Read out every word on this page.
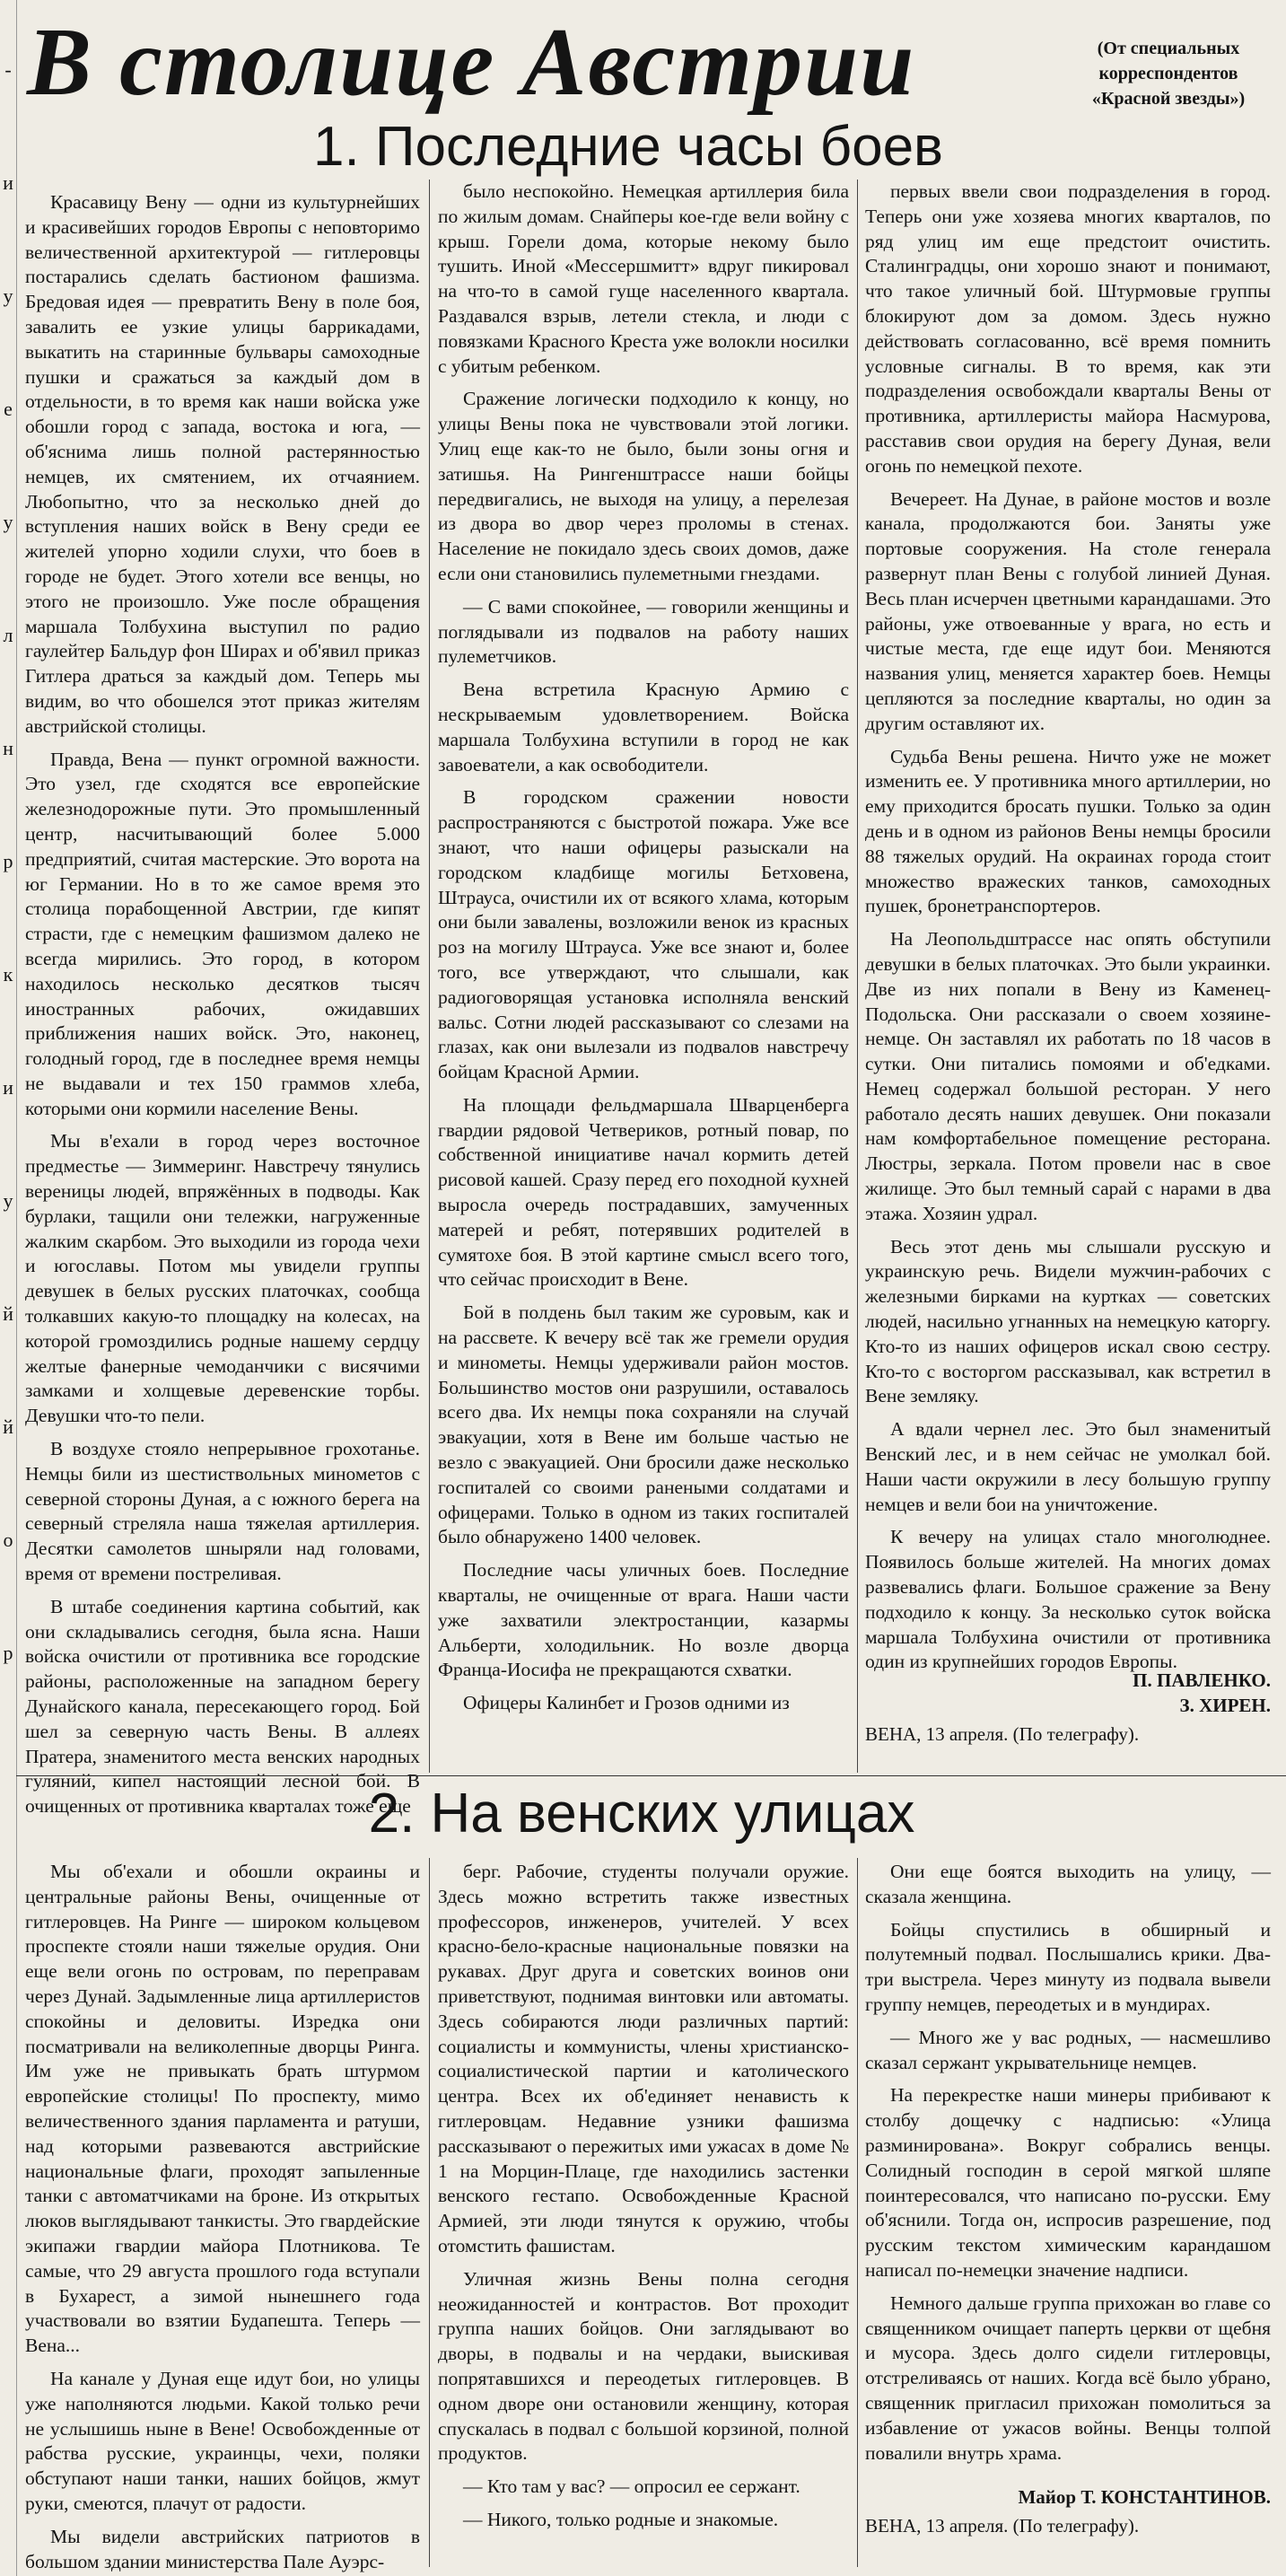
-
и
у
е
у
л
н
р
к
и
у
й
й
о
р
В столице Австрии	(От специальных
корреспондентов
«Красной звезды»)
1. Последние часы боев

Красавицу Вену — одни из культурнейших и красивейших городов Европы с неповторимо величественной архитектурой — гитлеровцы постарались сделать бастионом фашизма. Бредовая идея — превратить Вену в поле боя, завалить ее узкие улицы баррикадами, выкатить на старинные бульвары самоходные пушки и сражаться за каждый дом в отдельности, в то время как наши войска уже обошли город с запада, востока и юга, — об'яснима лишь полной растерянностью немцев, их смятением, их отчаянием. Любопытно, что за несколько дней до вступления наших войск в Вену среди ее жителей упорно ходили слухи, что боев в городе не будет. Этого хотели все венцы, но этого не произошло. Уже после обращения маршала Толбухина выступил по радио гаулейтер Бальдур фон Ширах и об'явил приказ Гитлера драться за каждый дом. Теперь мы видим, во что обошелся этот приказ жителям австрийской столицы.

Правда, Вена — пункт огромной важности. Это узел, где сходятся все европейские железнодорожные пути. Это промышленный центр, насчитывающий более 5.000 предприятий, считая мастерские. Это ворота на юг Германии. Но в то же самое время это столица порабощенной Австрии, где кипят страсти, где с немецким фашизмом далеко не всегда мирились. Это город, в котором находилось несколько десятков тысяч иностранных рабочих, ожидавших приближения наших войск. Это, наконец, голодный город, где в последнее время немцы не выдавали и тех 150 граммов хлеба, которыми они кормили население Вены.

Мы в'ехали в город через восточное предместье — Зиммеринг. Навстречу тянулись вереницы людей, впряжённых в подводы. Как бурлаки, тащили они тележки, нагруженные жалким скарбом. Это выходили из города чехи и югославы. Потом мы увидели группы девушек в белых русских платочках, сообща толкавших какую-то площадку на колесах, на которой громоздились родные нашему сердцу желтые фанерные чемоданчики с висячими замками и холщевые деревенские торбы. Девушки что-то пели.

В воздухе стояло непрерывное грохотанье. Немцы били из шестиствольных минометов с северной стороны Дуная, а с южного берега на северный стреляла наша тяжелая артиллерия. Десятки самолетов шныряли над головами, время от времени постреливая.

В штабе соединения картина событий, как они складывались сегодня, была ясна. Наши войска очистили от противника все городские районы, расположенные на западном берегу Дунайского канала, пересекающего город. Бой шел за северную часть Вены. В аллеях Пратера, знаменитого места венских народных гуляний, кипел настоящий лесной бой. В очищенных от противника кварталах тоже еще

было неспокойно. Немецкая артиллерия била по жилым домам. Снайперы кое-где вели войну с крыш. Горели дома, которые некому было тушить. Иной «Мессершмитт» вдруг пикировал на что-то в самой гуще населенного квартала. Раздавался взрыв, летели стекла, и люди с повязками Красного Креста уже волокли носилки с убитым ребенком.

Сражение логически подходило к концу, но улицы Вены пока не чувствовали этой логики. Улиц еще как-то не было, были зоны огня и затишья. На Рингенштрассе наши бойцы передвигались, не выходя на улицу, а перелезая из двора во двор через проломы в стенах. Население не покидало здесь своих домов, даже если они становились пулеметными гнездами.

— С вами спокойнее, — говорили женщины и поглядывали из подвалов на работу наших пулеметчиков.

Вена встретила Красную Армию с нескрываемым удовлетворением. Войска маршала Толбухина вступили в город не как завоеватели, а как освободители.

В городском сражении новости распространяются с быстротой пожара. Уже все знают, что наши офицеры разыскали на городском кладбище могилы Бетховена, Штрауса, очистили их от всякого хлама, которым они были завалены, возложили венок из красных роз на могилу Штрауса. Уже все знают и, более того, все утверждают, что слышали, как радиоговорящая установка исполняла венский вальс. Сотни людей рассказывают со слезами на глазах, как они вылезали из подвалов навстречу бойцам Красной Армии.

На площади фельдмаршала Шварценберга гвардии рядовой Четвериков, ротный повар, по собственной инициативе начал кормить детей рисовой кашей. Сразу перед его походной кухней выросла очередь пострадавших, замученных матерей и ребят, потерявших родителей в сумятохе боя. В этой картине смысл всего того, что сейчас происходит в Вене.

Бой в полдень был таким же суровым, как и на рассвете. К вечеру всё так же гремели орудия и минометы. Немцы удерживали район мостов. Большинство мостов они разрушили, оставалось всего два. Их немцы пока сохраняли на случай эвакуации, хотя в Вене им больше частью не везло с эвакуацией. Они бросили даже несколько госпиталей со своими ранеными солдатами и офицерами. Только в одном из таких госпиталей было обнаружено 1400 человек.

Последние часы уличных боев. Последние кварталы, не очищенные от врага. Наши части уже захватили электростанции, казармы Альберти, холодильник. Но возле дворца Франца-Иосифа не прекращаются схватки.

Офицеры Калинбет и Грозов одними из

первых ввели свои подразделения в город. Теперь они уже хозяева многих кварталов, по ряд улиц им еще предстоит очистить. Сталинградцы, они хорошо знают и понимают, что такое уличный бой. Штурмовые группы блокируют дом за домом. Здесь нужно действовать согласованно, всё время помнить условные сигналы. В то время, как эти подразделения освобождали кварталы Вены от противника, артиллеристы майора Насмурова, расставив свои орудия на берегу Дуная, вели огонь по немецкой пехоте.

Вечереет. На Дунае, в районе мостов и возле канала, продолжаются бои. Заняты уже портовые сооружения. На столе генерала развернут план Вены с голубой линией Дуная. Весь план исчерчен цветными карандашами. Это районы, уже отвоеванные у врага, но есть и чистые места, где еще идут бои. Меняются названия улиц, меняется характер боев. Немцы цепляются за последние кварталы, но один за другим оставляют их.

Судьба Вены решена. Ничто уже не может изменить ее. У противника много артиллерии, но ему приходится бросать пушки. Только за один день и в одном из районов Вены немцы бросили 88 тяжелых орудий. На окраинах города стоит множество вражеских танков, самоходных пушек, бронетранспортеров.

На Леопольдштрассе нас опять обступили девушки в белых платочках. Это были украинки. Две из них попали в Вену из Каменец-Подольска. Они рассказали о своем хозяине-немце. Он заставлял их работать по 18 часов в сутки. Они питались помоями и об'едками. Немец содержал большой ресторан. У него работало десять наших девушек. Они показали нам комфортабельное помещение ресторана. Люстры, зеркала. Потом провели нас в свое жилище. Это был темный сарай с нарами в два этажа. Хозяин удрал.

Весь этот день мы слышали русскую и украинскую речь. Видели мужчин-рабочих с железными бирками на куртках — советских людей, насильно угнанных на немецкую каторгу. Кто-то из наших офицеров искал свою сестру. Кто-то с восторгом рассказывал, как встретил в Вене земляку.

А вдали чернел лес. Это был знаменитый Венский лес, и в нем сейчас не умолкал бой. Наши части окружили в лесу большую группу немцев и вели бои на уничтожение.

К вечеру на улицах стало многолюднее. Появилось больше жителей. На многих домах развевались флаги. Большое сражение за Вену подходило к концу. За несколько суток войска маршала Толбухина очистили от противника один из крупнейших городов Европы.

П. ПАВЛЕНКО.
З. ХИРЕН.
ВЕНА, 13 апреля. (По телеграфу).
2. На венских улицах

Мы об'ехали и обошли окраины и центральные районы Вены, очищенные от гитлеровцев. На Ринге — широком кольцевом проспекте стояли наши тяжелые орудия. Они еще вели огонь по островам, по переправам через Дунай. Задымленные лица артиллеристов спокойны и деловиты. Изредка они посматривали на великолепные дворцы Ринга. Им уже не привыкать брать штурмом европейские столицы! По проспекту, мимо величественного здания парламента и ратуши, над которыми развеваются австрийские национальные флаги, проходят запыленные танки с автоматчиками на броне. Из открытых люков выглядывают танкисты. Это гвардейские экипажи гвардии майора Плотникова. Те самые, что 29 августа прошлого года вступали в Бухарест, а зимой нынешнего года участвовали во взятии Будапешта. Теперь — Вена...

На канале у Дуная еще идут бои, но улицы уже наполняются людьми. Какой только речи не услышишь ныне в Вене! Освобожденные от рабства русские, украинцы, чехи, поляки обступают наши танки, наших бойцов, жмут руки, смеются, плачут от радости.

Мы видели австрийских патриотов в большом здании министерства Пале Ауэрс-

берг. Рабочие, студенты получали оружие. Здесь можно встретить также известных профессоров, инженеров, учителей. У всех красно-бело-красные национальные повязки на рукавах. Друг друга и советских воинов они приветствуют, поднимая винтовки или автоматы. Здесь собираются люди различных партий: социалисты и коммунисты, члены христианско-социалистической партии и католического центра. Всех их об'единяет ненависть к гитлеровцам. Недавние узники фашизма рассказывают о пережитых ими ужасах в доме № 1 на Морцин-Плаце, где находились застенки венского гестапо. Освобожденные Красной Армией, эти люди тянутся к оружию, чтобы отомстить фашистам.

Уличная жизнь Вены полна сегодня неожиданностей и контрастов. Вот проходит группа наших бойцов. Они заглядывают во дворы, в подвалы и на чердаки, выискивая попрятавшихся и переодетых гитлеровцев. В одном дворе они остановили женщину, которая спускалась в подвал с большой корзиной, полной продуктов.

— Кто там у вас? — опросил ее сержант.

— Никого, только родные и знакомые.

Они еще боятся выходить на улицу, — сказала женщина.

Бойцы спустились в обширный и полутемный подвал. Послышались крики. Два-три выстрела. Через минуту из подвала вывели группу немцев, переодетых и в мундирах.

— Много же у вас родных, — насмешливо сказал сержант укрывательнице немцев.

На перекрестке наши минеры прибивают к столбу дощечку с надписью: «Улица разминирована». Вокруг собрались венцы. Солидный господин в серой мягкой шляпе поинтересовался, что написано по-русски. Ему об'яснили. Тогда он, испросив разрешение, под русским текстом химическим карандашом написал по-немецки значение надписи.

Немного дальше группа прихожан во главе со священником очищает паперть церкви от щебня и мусора. Здесь долго сидели гитлеровцы, отстреливаясь от наших. Когда всё было убрано, священник пригласил прихожан помолиться за избавление от ужасов войны. Венцы толпой повалили внутрь храма.

Майор Т. КОНСТАНТИНОВ.
ВЕНА, 13 апреля. (По телеграфу).
